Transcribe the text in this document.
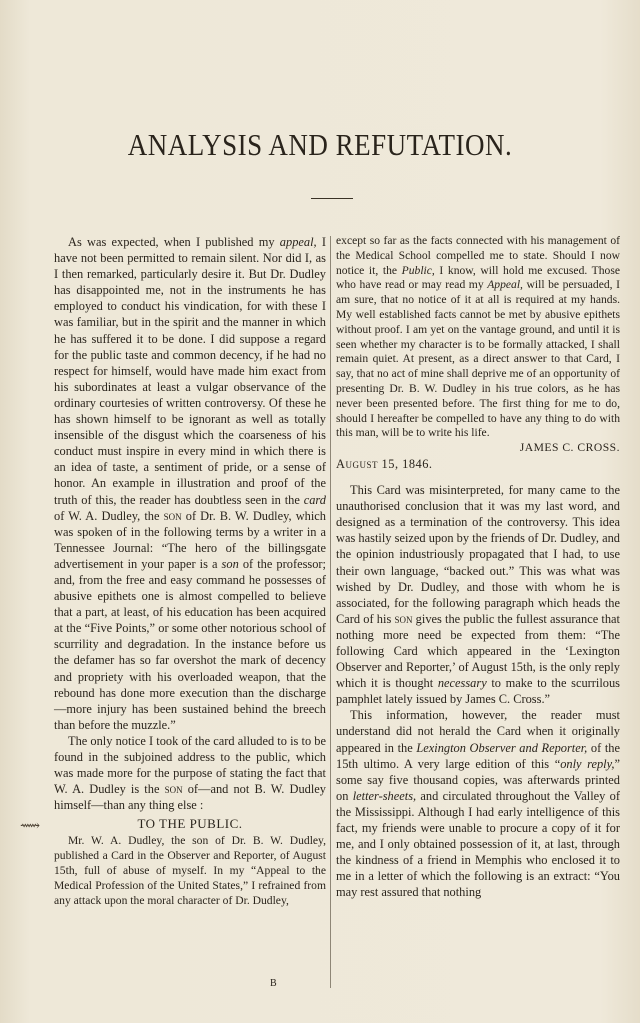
ANALYSIS AND REFUTATION.

As was expected, when I published my appeal, I have not been permitted to remain silent. Nor did I, as I then remarked, particularly desire it. But Dr. Dudley has disappointed me, not in the instruments he has employed to conduct his vindication, for with these I was familiar, but in the spirit and the manner in which he has suffered it to be done. I did suppose a regard for the public taste and common decency, if he had no respect for himself, would have made him exact from his subordinates at least a vulgar observance of the ordinary courtesies of written controversy. Of these he has shown himself to be ignorant as well as totally insensible of the disgust which the coarseness of his conduct must inspire in every mind in which there is an idea of taste, a sentiment of pride, or a sense of honor. An example in illustration and proof of the truth of this, the reader has doubtless seen in the card of W. A. Dudley, the son of Dr. B. W. Dudley, which was spoken of in the following terms by a writer in a Tennessee Journal: “The hero of the billingsgate advertisement in your paper is a son of the professor; and, from the free and easy command he possesses of abusive epithets one is almost compelled to believe that a part, at least, of his education has been acquired at the “Five Points,” or some other notorious school of scurrility and degradation. In the instance before us the defamer has so far overshot the mark of decency and propriety with his overloaded weapon, that the rebound has done more execution than the discharge—more injury has been sustained behind the breech than before the muzzle.”

The only notice I took of the card alluded to is to be found in the subjoined address to the public, which was made more for the purpose of stating the fact that W. A. Dudley is the son of—and not B. W. Dudley himself—than any thing else :

TO THE PUBLIC.

Mr. W. A. Dudley, the son of Dr. B. W. Dudley, published a Card in the Observer and Reporter, of August 15th, full of abuse of myself. In my “Appeal to the Medical Profession of the United States,” I refrained from any attack upon the moral character of Dr. Dudley,

except so far as the facts connected with his management of the Medical School compelled me to state. Should I now notice it, the Public, I know, will hold me excused. Those who have read or may read my Appeal, will be persuaded, I am sure, that no notice of it at all is required at my hands. My well established facts cannot be met by abusive epithets without proof. I am yet on the vantage ground, and until it is seen whether my character is to be formally attacked, I shall remain quiet. At present, as a direct answer to that Card, I say, that no act of mine shall deprive me of an opportunity of presenting Dr. B. W. Dudley in his true colors, as he has never been presented before. The first thing for me to do, should I hereafter be compelled to have any thing to do with this man, will be to write his life.

JAMES C. CROSS.

August 15, 1846.

This Card was misinterpreted, for many came to the unauthorised conclusion that it was my last word, and designed as a termination of the controversy. This idea was hastily seized upon by the friends of Dr. Dudley, and the opinion industriously propagated that I had, to use their own language, “backed out.” This was what was wished by Dr. Dudley, and those with whom he is associated, for the following paragraph which heads the Card of his son gives the public the fullest assurance that nothing more need be expected from them: “The following Card which appeared in the ‘Lexington Observer and Reporter,’ of August 15th, is the only reply which it is thought necessary to make to the scurrilous pamphlet lately issued by James C. Cross.”

This information, however, the reader must understand did not herald the Card when it originally appeared in the Lexington Observer and Reporter, of the 15th ultimo. A very large edition of this “only reply,” some say five thousand copies, was afterwards printed on letter-sheets, and circulated throughout the Valley of the Mississippi. Although I had early intelligence of this fact, my friends were unable to procure a copy of it for me, and I only obtained possession of it, at last, through the kindness of a friend in Memphis who enclosed it to me in a letter of which the following is an extract: “You may rest assured that nothing

⟿
B
